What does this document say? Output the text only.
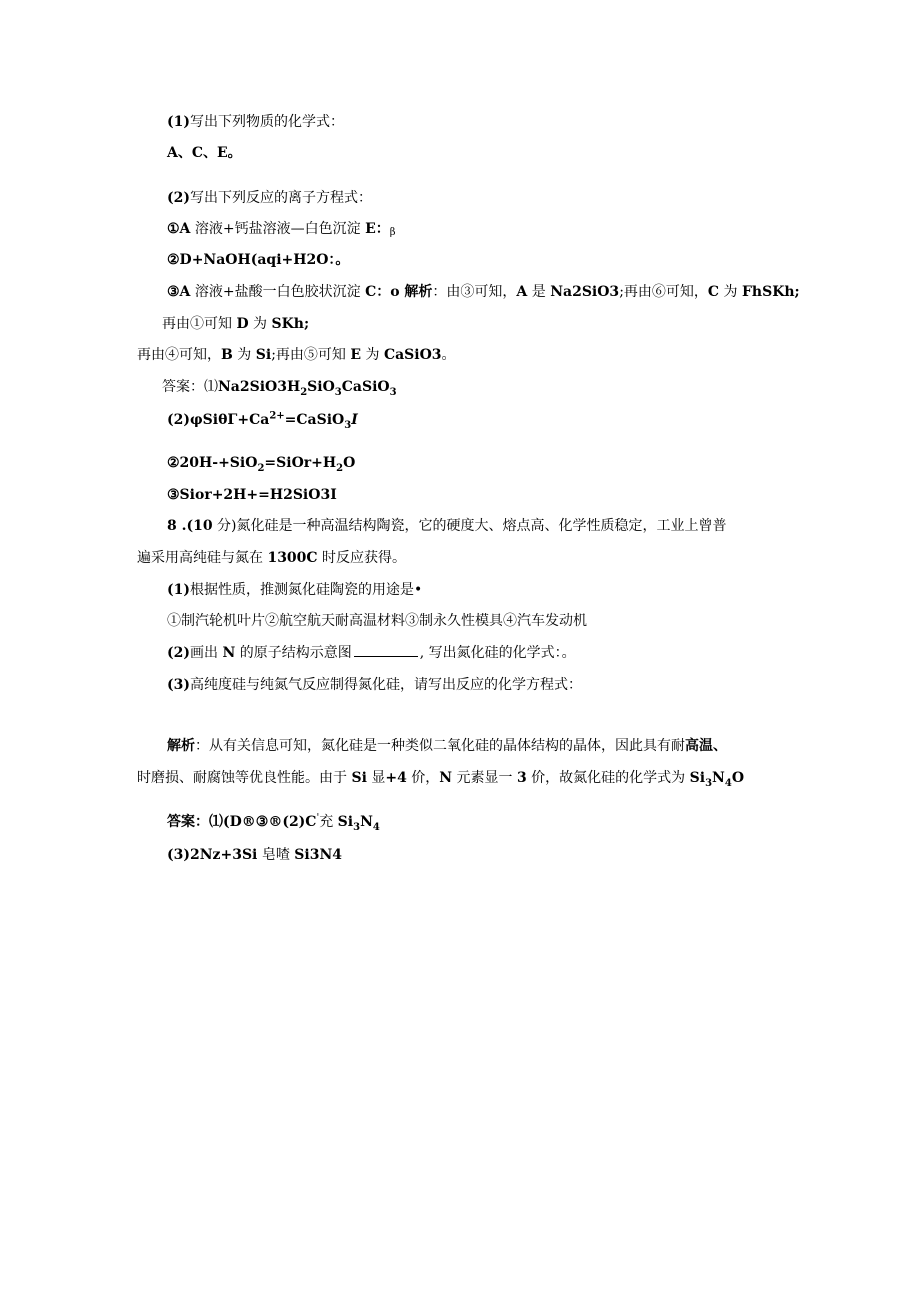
(1)写出下列物质的化学式：
A、C、E。
(2)写出下列反应的离子方程式：
①A 溶液+钙盐溶液—白色沉淀 E：β
②D+NaOH(aqi+H2O：。
③A 溶液+盐酸一白色胶状沉淀 C：o 解析：由③可知，A 是 Na2SiO3;再由⑥可知，C 为 FhSKh;
再由①可知 D 为 SKh;
再由④可知，B 为 Si;再由⑤可知 E 为 CaSiO3。
答案：$⑴Na2SiO3H_2SiO_3CaSiO_3$
$(2)\varphi Si\theta\Gamma+Ca^{2+}=CaSiO_3I$
$②20H-+SiO_2=SiOr+H_2O$
③Sior+2H+=H2SiO3I
8 .(10 分)氮化硅是一种高温结构陶瓷，它的硬度大、熔点高、化学性质稳定，工业上曾普
遍采用高纯硅与氮在 1300C 时反应获得。
(1)根据性质，推测氮化硅陶瓷的用途是•
①制汽轮机叶片②航空航天耐高温材料③制永久性模具④汽车发动机
(2)画出 N 的原子结构示意图	, 写出氮化硅的化学式：。
(3)高纯度硅与纯氮气反应制得氮化硅，请写出反应的化学方程式：
解析：从有关信息可知，氮化硅是一种类似二氧化硅的晶体结构的晶体，因此具有耐高温、
时磨损、耐腐蚀等优良性能。由于 Si 显+4 价，N 元素显一 3 价，故氮化硅的化学式为 $Si_3N_4O$
答案：⑴(D®③®(2)C'充 $Si_3N_4$
(3)2Nz+3Si 皂喳 Si3N4
